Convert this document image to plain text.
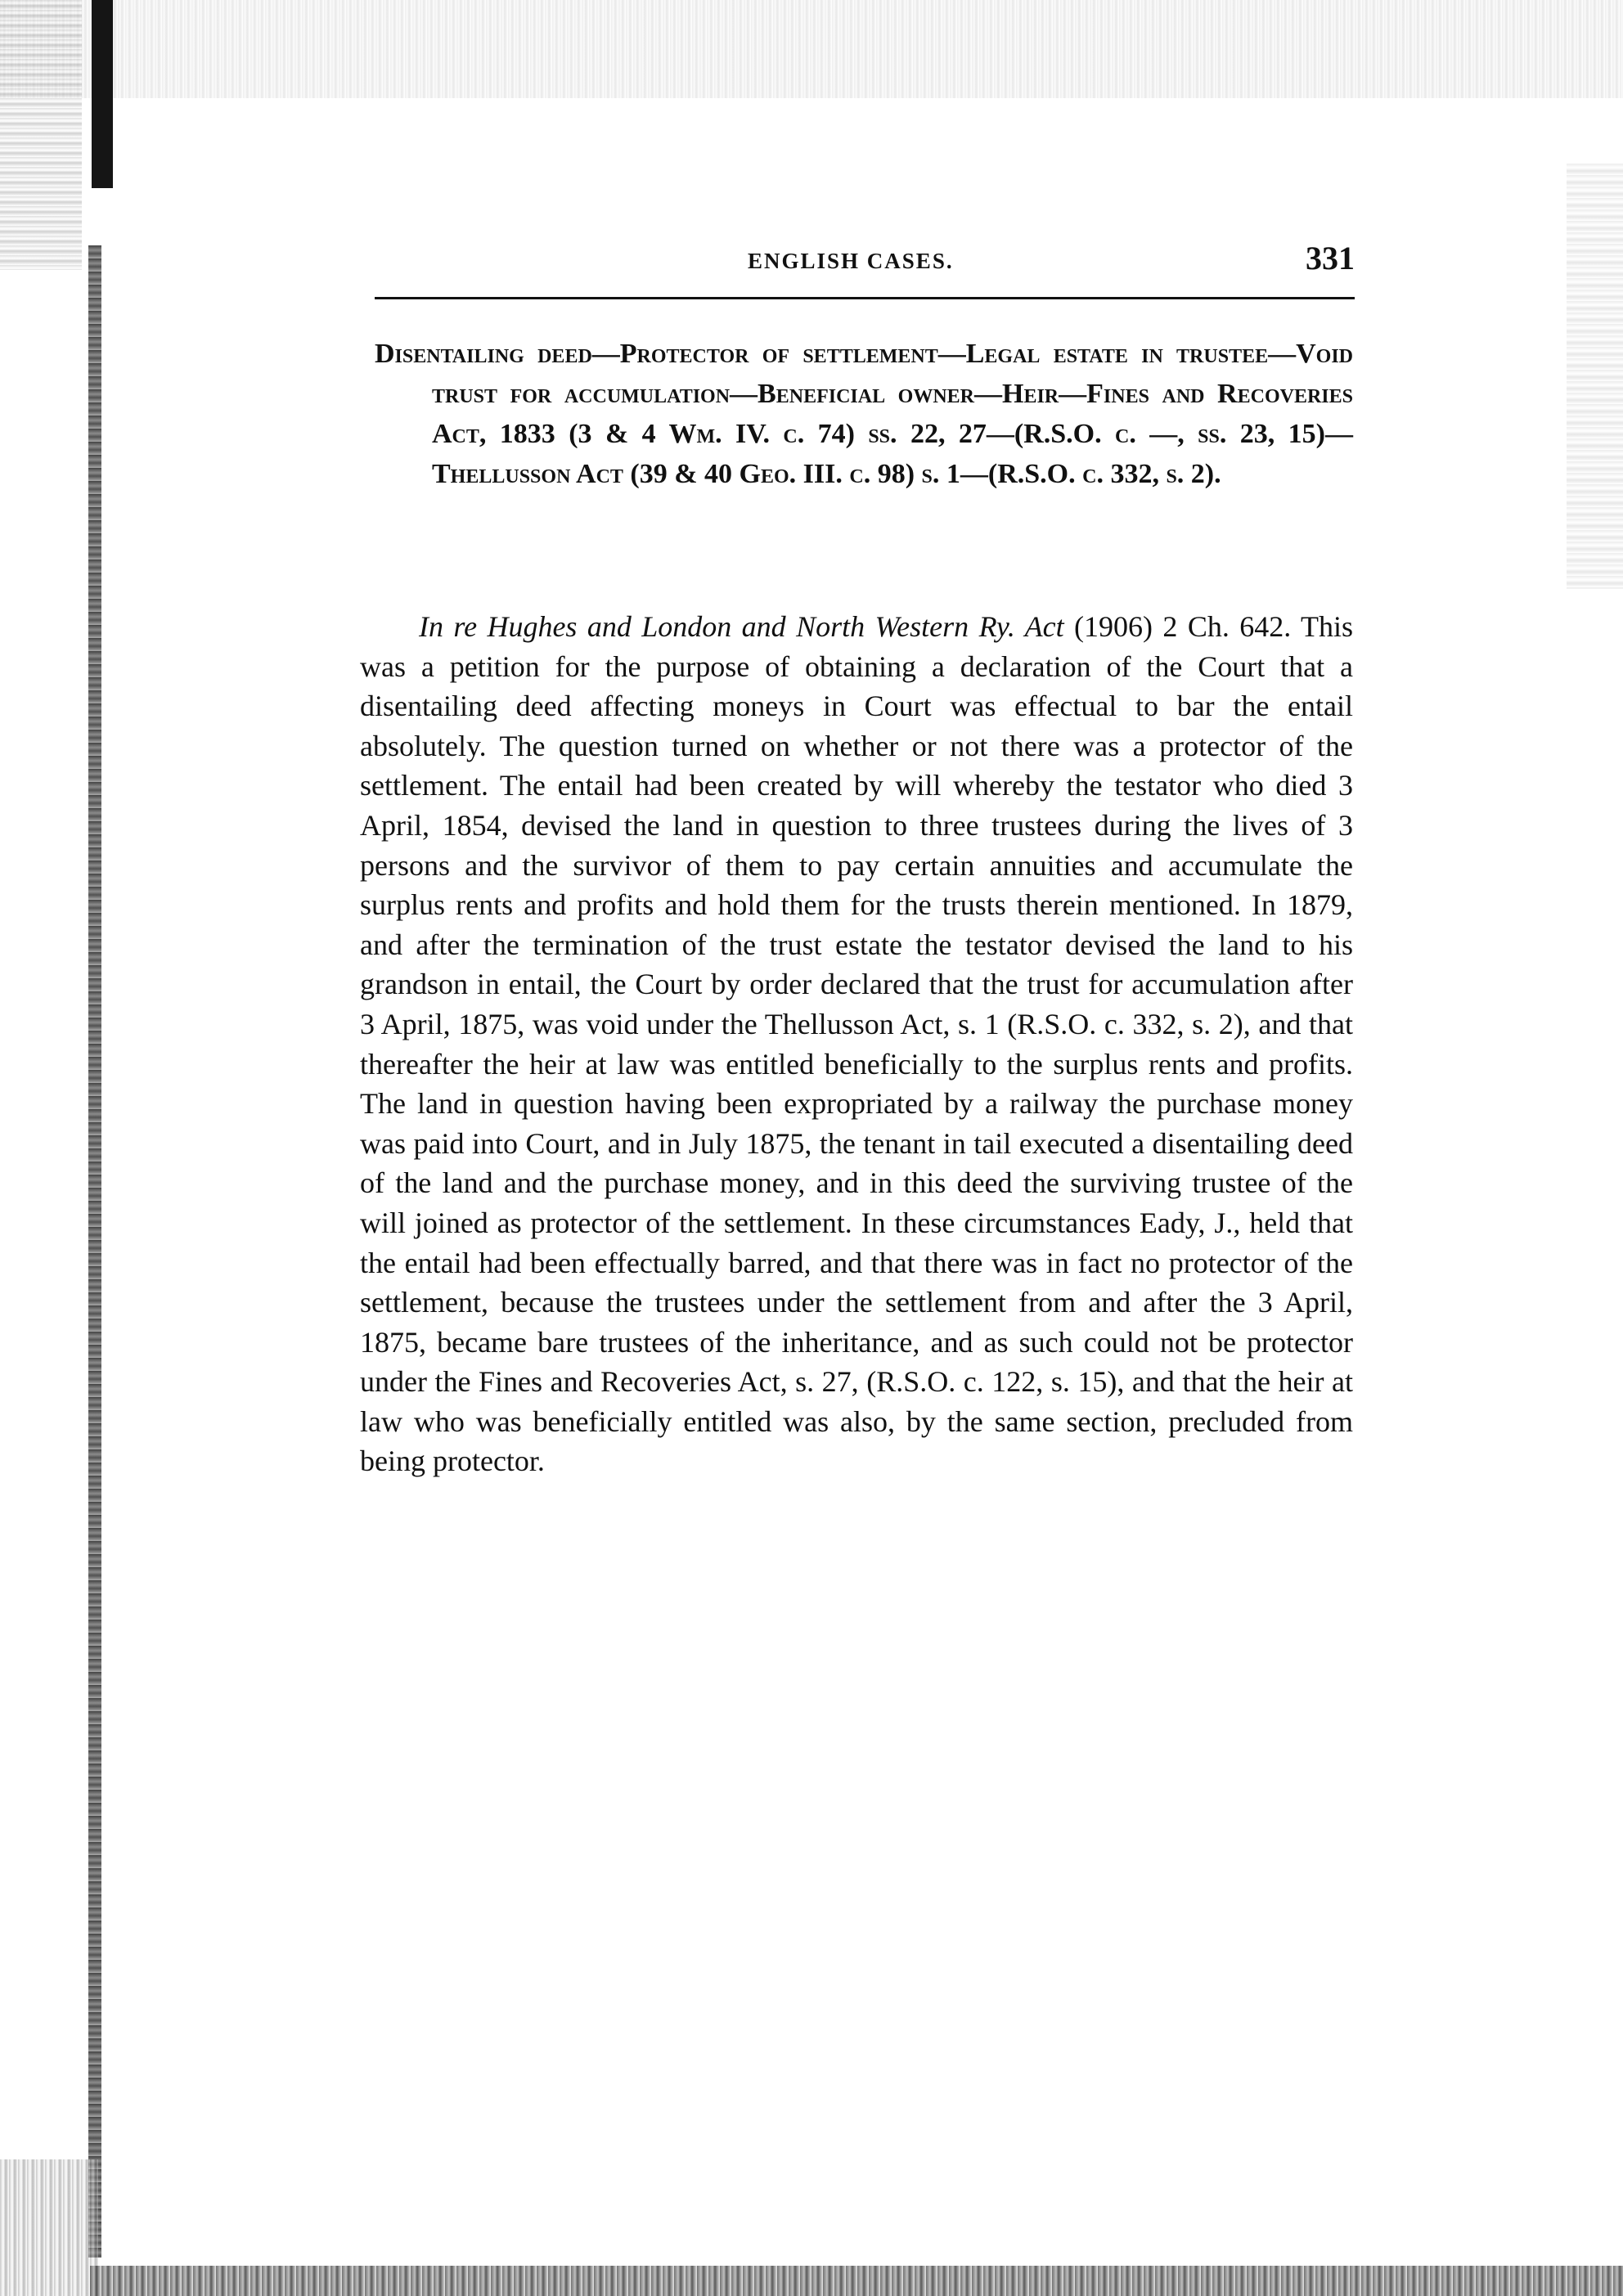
ENGLISH CASES.	331
Disentailing deed—Protector of settlement—Legal estate in trustee—Void trust for accumulation—Beneficial owner—Heir—Fines and Recoveries Act, 1833 (3 & 4 Wm. IV. c. 74) ss. 22, 27—(R.S.O. c. —, ss. 23, 15)—Thellusson Act (39 & 40 Geo. III. c. 98) s. 1—(R.S.O. c. 332, s. 2).

In re Hughes and London and North Western Ry. Act (1906) 2 Ch. 642. This was a petition for the purpose of obtaining a declaration of the Court that a disentailing deed affecting moneys in Court was effectual to bar the entail absolutely. The question turned on whether or not there was a protector of the settlement. The entail had been created by will whereby the testator who died 3 April, 1854, devised the land in question to three trustees during the lives of 3 persons and the survivor of them to pay certain annuities and accumulate the surplus rents and profits and hold them for the trusts therein mentioned. In 1879, and after the termination of the trust estate the testator devised the land to his grandson in entail, the Court by order declared that the trust for accumulation after 3 April, 1875, was void under the Thellusson Act, s. 1 (R.S.O. c. 332, s. 2), and that thereafter the heir at law was entitled beneficially to the surplus rents and profits. The land in question having been expropriated by a railway the purchase money was paid into Court, and in July 1875, the tenant in tail executed a disentailing deed of the land and the purchase money, and in this deed the surviving trustee of the will joined as protector of the settlement. In these circumstances Eady, J., held that the entail had been effectually barred, and that there was in fact no protector of the settlement, because the trustees under the settlement from and after the 3 April, 1875, became bare trustees of the inheritance, and as such could not be protector under the Fines and Recoveries Act, s. 27, (R.S.O. c. 122, s. 15), and that the heir at law who was beneficially entitled was also, by the same section, precluded from being protector.
